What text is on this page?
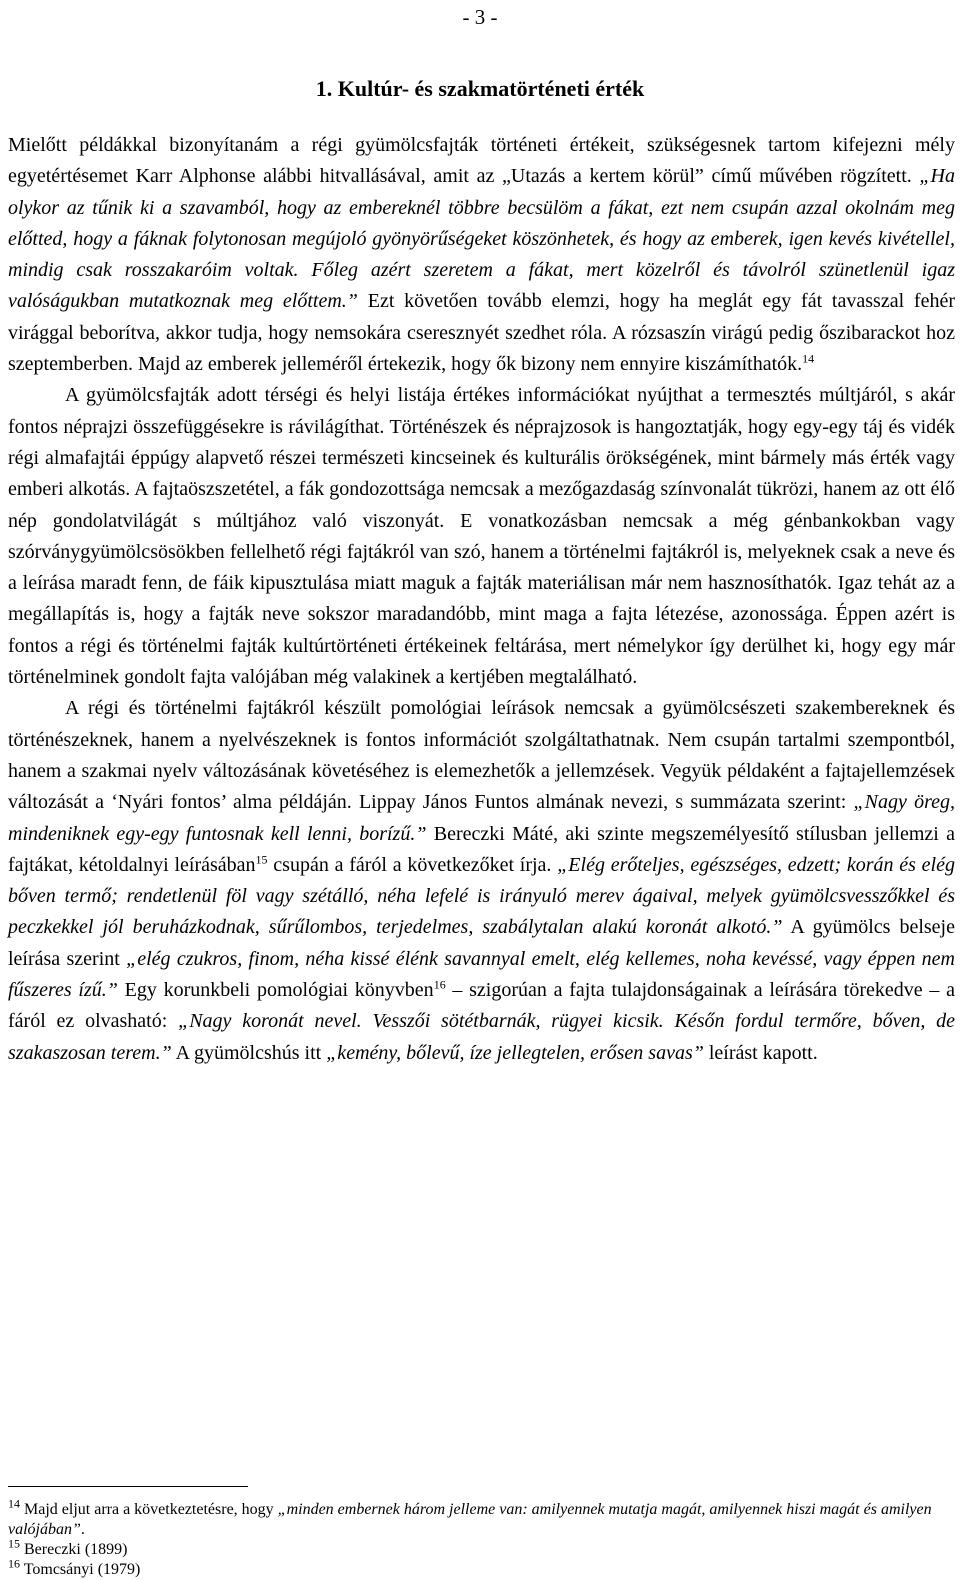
- 3 -
1. Kultúr- és szakmatörténeti érték

Mielőtt példákkal bizonyítanám a régi gyümölcsfajták történeti értékeit, szükségesnek tartom kifejezni mély egyetértésemet Karr Alphonse alábbi hitvallásával, amit az „Utazás a kertem körül” című művében rögzített. „Ha olykor az tűnik ki a szavamból, hogy az embereknél többre becsülöm a fákat, ezt nem csupán azzal okolnám meg előtted, hogy a fáknak folytonosan megújoló gyönyörűségeket köszönhetek, és hogy az emberek, igen kevés kivétellel, mindig csak rosszakaróim voltak. Főleg azért szeretem a fákat, mert közelről és távolról szünetlenül igaz valóságukban mutatkoznak meg előttem.” Ezt követően tovább elemzi, hogy ha meglát egy fát tavasszal fehér virággal beborítva, akkor tudja, hogy nemsokára cseresznyét szedhet róla. A rózsaszín virágú pedig őszibarackot hoz szeptemberben. Majd az emberek jelleméről értekezik, hogy ők bizony nem ennyire kiszámíthatók.$^{14}$

A gyümölcsfajták adott térségi és helyi listája értékes információkat nyújthat a termesztés múltjáról, s akár fontos néprajzi összefüggésekre is rávilágíthat. Történészek és néprajzosok is hangoztatják, hogy egy-egy táj és vidék régi almafajtái éppúgy alapvető részei természeti kincseinek és kulturális örökségének, mint bármely más érték vagy emberi alkotás. A fajtaöszszetétel, a fák gondozottsága nemcsak a mezőgazdaság színvonalát tükrözi, hanem az ott élő nép gondolatvilágát s múltjához való viszonyát. E vonatkozásban nemcsak a még génbankokban vagy szórványgyümölcsösökben fellelhető régi fajtákról van szó, hanem a történelmi fajtákról is, melyeknek csak a neve és a leírása maradt fenn, de fáik kipusztulása miatt maguk a fajták materiálisan már nem hasznosíthatók. Igaz tehát az a megállapítás is, hogy a fajták neve sokszor maradandóbb, mint maga a fajta létezése, azonossága. Éppen azért is fontos a régi és történelmi fajták kultúrtörténeti értékeinek feltárása, mert némelykor így derülhet ki, hogy egy már történelminek gondolt fajta valójában még valakinek a kertjében megtalálható.

A régi és történelmi fajtákról készült pomológiai leírások nemcsak a gyümölcsészeti szakembereknek és történészeknek, hanem a nyelvészeknek is fontos információt szolgáltathatnak. Nem csupán tartalmi szempontból, hanem a szakmai nyelv változásának követéséhez is elemezhetők a jellemzések. Vegyük példaként a fajtajellemzések változását a ‘Nyári fontos’ alma példáján. Lippay János Funtos almának nevezi, s summázata szerint: „Nagy öreg, mindeniknek egy-egy funtosnak kell lenni, borízű.” Bereczki Máté, aki szinte megszemélyesítő stílusban jellemzi a fajtákat, kétoldalnyi leírásában$^{15}$ csupán a fáról a következőket írja. „Elég erőteljes, egészséges, edzett; korán és elég bőven termő; rendetlenül föl vagy szétálló, néha lefelé is irányuló merev ágaival, melyek gyümölcsvesszőkkel és peczkekkel jól beruházkodnak, sűrűlombos, terjedelmes, szabálytalan alakú koronát alkotó.” A gyümölcs belseje leírása szerint „elég czukros, finom, néha kissé élénk savannyal emelt, elég kellemes, noha kevéssé, vagy éppen nem fűszeres ízű.” Egy korunkbeli pomológiai könyvben$^{16}$ – szigorúan a fajta tulajdonságainak a leírására törekedve – a fáról ez olvasható: „Nagy koronát nevel. Vesszői sötétbarnák, rügyei kicsik. Későn fordul termőre, bőven, de szakaszosan terem.” A gyümölcshús itt „kemény, bőlevű, íze jellegtelen, erősen savas” leírást kapott.

$^{14}$ Majd eljut arra a következtetésre, hogy „minden embernek három jelleme van: amilyennek mutatja magát, amilyennek hiszi magát és amilyen valójában”.

$^{15}$ Bereczki (1899)

$^{16}$ Tomcsányi (1979)
